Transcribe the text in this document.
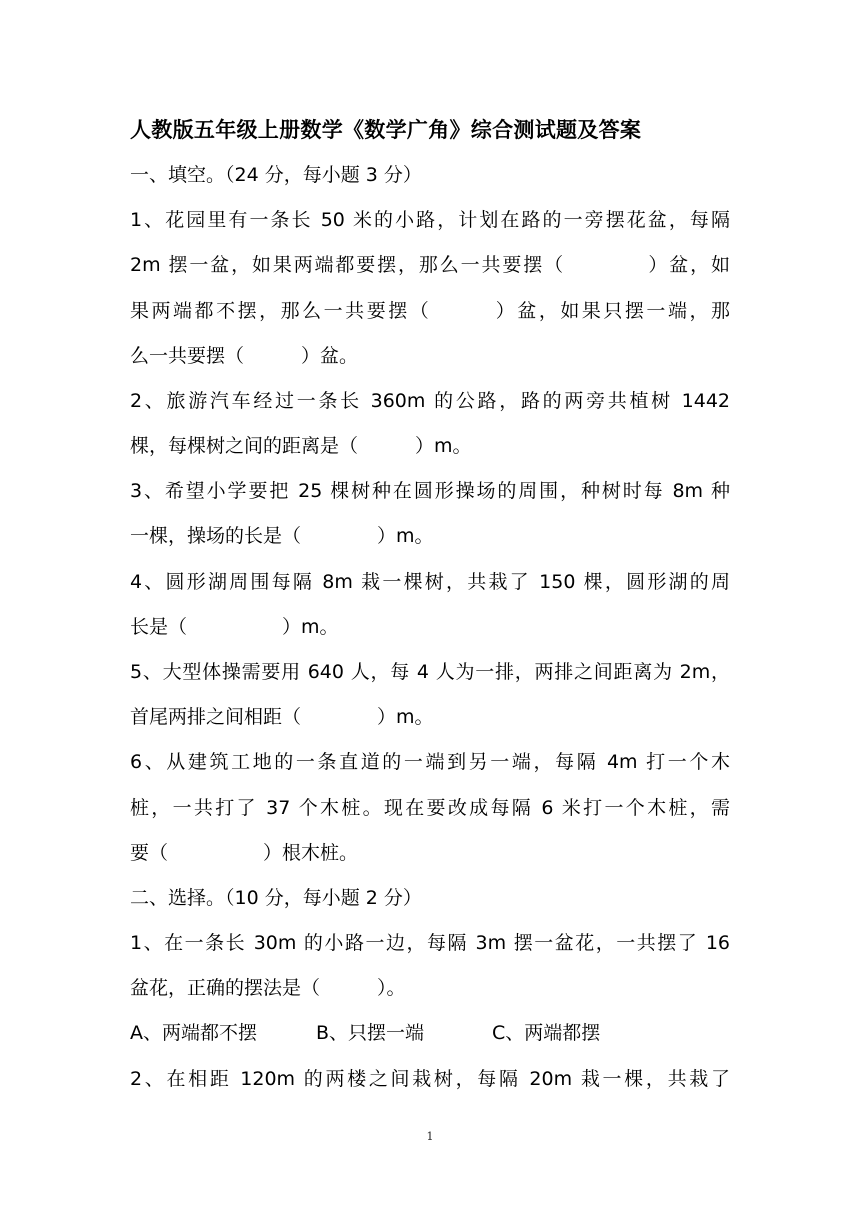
人教版五年级上册数学《数学广角》综合测试题及答案
一、填空。（24 分，每小题 3 分）
1、花园里有一条长 50 米的小路，计划在路的一旁摆花盆，每隔
2m 摆一盆，如果两端都要摆，那么一共要摆（　　　　）盆，如
果两端都不摆，那么一共要摆（　　　）盆，如果只摆一端，那
么一共要摆（　　　）盆。
2、旅游汽车经过一条长 360m 的公路，路的两旁共植树 1442
棵，每棵树之间的距离是（　　　）m。
3、希望小学要把 25 棵树种在圆形操场的周围，种树时每 8m 种
一棵，操场的长是（　　　　）m。
4、圆形湖周围每隔 8m 栽一棵树，共栽了 150 棵，圆形湖的周
长是（　　　　　）m。
5、大型体操需要用 640 人，每 4 人为一排，两排之间距离为 2m，
首尾两排之间相距（　　　　）m。
6、从建筑工地的一条直道的一端到另一端，每隔 4m 打一个木
桩，一共打了 37 个木桩。现在要改成每隔 6 米打一个木桩，需
要（　　　　　）根木桩。
二、选择。（10 分，每小题 2 分）
1、在一条长 30m 的小路一边，每隔 3m 摆一盆花，一共摆了 16
盆花，正确的摆法是（　　　）。
A、两端都不摆	B、只摆一端	C、两端都摆
2、在相距 120m 的两楼之间栽树，每隔 20m 栽一棵，共栽了
1
